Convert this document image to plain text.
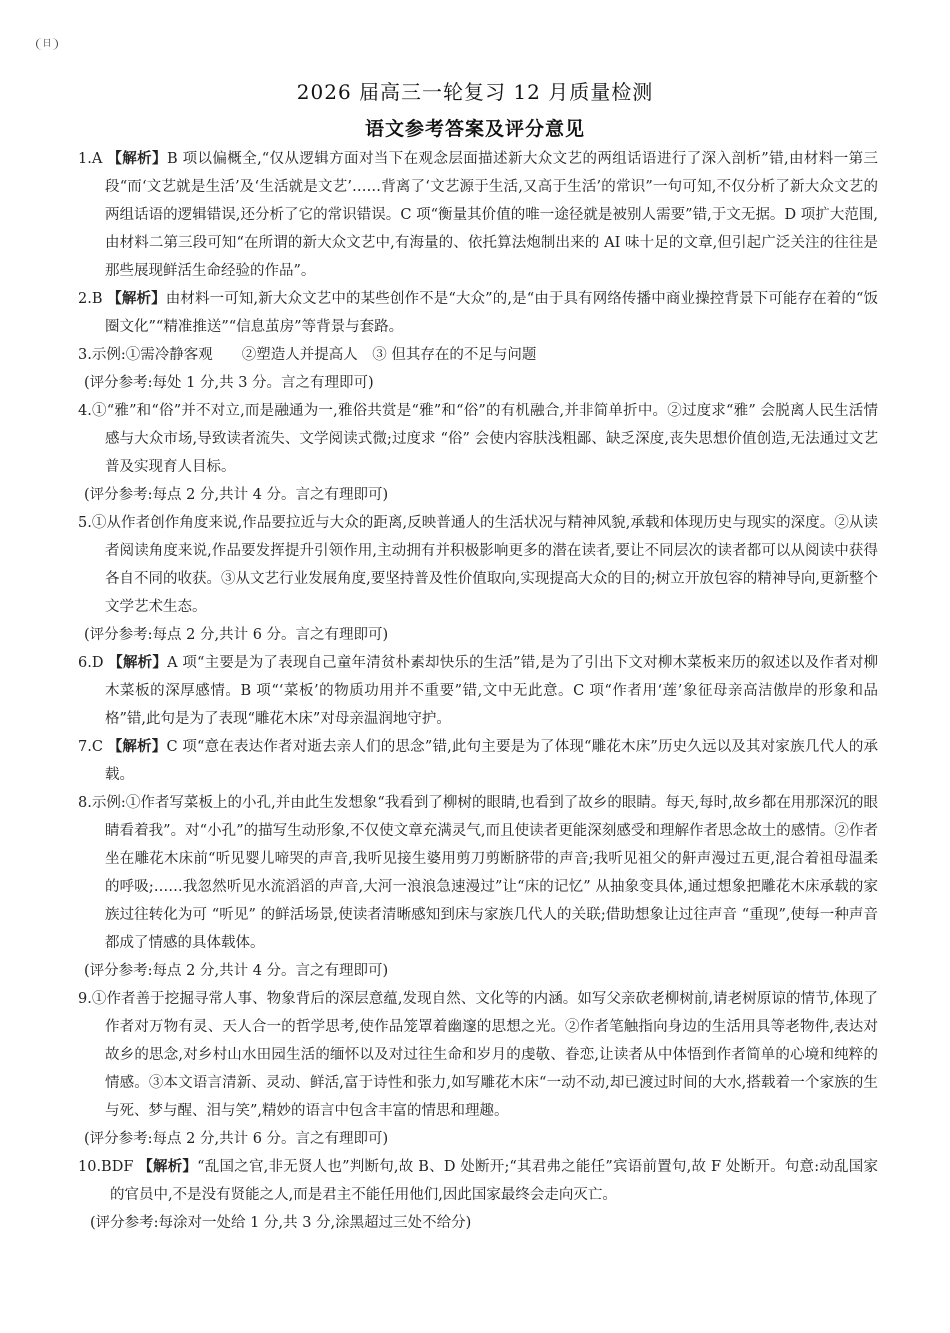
日
2026 届高三一轮复习 12 月质量检测
语文参考答案及评分意见

1.A 【解析】B 项以偏概全,“仅从逻辑方面对当下在观念层面描述新大众文艺的两组话语进行了深入剖析”错,由材料一第三段“而‘文艺就是生活’及‘生活就是文艺’……背离了‘文艺源于生活,又高于生活’的常识”一句可知,不仅分析了新大众文艺的两组话语的逻辑错误,还分析了它的常识错误。C 项“衡量其价值的唯一途径就是被别人需要”错,于文无据。D 项扩大范围,由材料二第三段可知“在所谓的新大众文艺中,有海量的、依托算法炮制出来的 AI 味十足的文章,但引起广泛关注的往往是那些展现鲜活生命经验的作品”。

2.B 【解析】由材料一可知,新大众文艺中的某些创作不是“大众”的,是“由于具有网络传播中商业操控背景下可能存在着的“饭圈文化”“精准推送”“信息茧房”等背景与套路。

3.示例:①需冷静客观　　②塑造人并提高人　③ 但其存在的不足与问题

(评分参考:每处 1 分,共 3 分。言之有理即可)

4.①“雅”和“俗”并不对立,而是融通为一,雅俗共赏是“雅”和“俗”的有机融合,并非简单折中。②过度求“雅” 会脱离人民生活情感与大众市场,导致读者流失、文学阅读式微;过度求 “俗” 会使内容肤浅粗鄙、缺乏深度,丧失思想价值创造,无法通过文艺普及实现育人目标。

(评分参考:每点 2 分,共计 4 分。言之有理即可)

5.①从作者创作角度来说,作品要拉近与大众的距离,反映普通人的生活状况与精神风貌,承载和体现历史与现实的深度。②从读者阅读角度来说,作品要发挥提升引领作用,主动拥有并积极影响更多的潜在读者,要让不同层次的读者都可以从阅读中获得各自不同的收获。③从文艺行业发展角度,要坚持普及性价值取向,实现提高大众的目的;树立开放包容的精神导向,更新整个文学艺术生态。

(评分参考:每点 2 分,共计 6 分。言之有理即可)

6.D 【解析】A 项“主要是为了表现自己童年清贫朴素却快乐的生活”错,是为了引出下文对柳木菜板来历的叙述以及作者对柳木菜板的深厚感情。B 项“‘菜板’的物质功用并不重要”错,文中无此意。C 项“作者用‘莲’象征母亲高洁傲岸的形象和品格”错,此句是为了表现“雕花木床”对母亲温润地守护。

7.C 【解析】C 项“意在表达作者对逝去亲人们的思念”错,此句主要是为了体现“雕花木床”历史久远以及其对家族几代人的承载。

8.示例:①作者写菜板上的小孔,并由此生发想象“我看到了柳树的眼睛,也看到了故乡的眼睛。每天,每时,故乡都在用那深沉的眼睛看着我”。对“小孔”的描写生动形象,不仅使文章充满灵气,而且使读者更能深刻感受和理解作者思念故土的感情。②作者坐在雕花木床前“听见婴儿啼哭的声音,我听见接生婆用剪刀剪断脐带的声音;我听见祖父的鼾声漫过五更,混合着祖母温柔的呼吸;……我忽然听见水流滔滔的声音,大河一浪浪急速漫过”让“床的记忆” 从抽象变具体,通过想象把雕花木床承载的家族过往转化为可 “听见” 的鲜活场景,使读者清晰感知到床与家族几代人的关联;借助想象让过往声音 “重现”,使每一种声音都成了情感的具体载体。

(评分参考:每点 2 分,共计 4 分。言之有理即可)

9.①作者善于挖掘寻常人事、物象背后的深层意蕴,发现自然、文化等的内涵。如写父亲砍老柳树前,请老树原谅的情节,体现了作者对万物有灵、天人合一的哲学思考,使作品笼罩着幽邃的思想之光。②作者笔触指向身边的生活用具等老物件,表达对故乡的思念,对乡村山水田园生活的缅怀以及对过往生命和岁月的虔敬、眷恋,让读者从中体悟到作者简单的心境和纯粹的情感。③本文语言清新、灵动、鲜活,富于诗性和张力,如写雕花木床“一动不动,却已渡过时间的大水,搭载着一个家族的生与死、梦与醒、泪与笑”,精妙的语言中包含丰富的情思和理趣。

(评分参考:每点 2 分,共计 6 分。言之有理即可)

10.BDF 【解析】“乱国之官,非无贤人也”判断句,故 B、D 处断开;“其君弗之能任”宾语前置句,故 F 处断开。句意:动乱国家的官员中,不是没有贤能之人,而是君主不能任用他们,因此国家最终会走向灭亡。

(评分参考:每涂对一处给 1 分,共 3 分,涂黑超过三处不给分)
